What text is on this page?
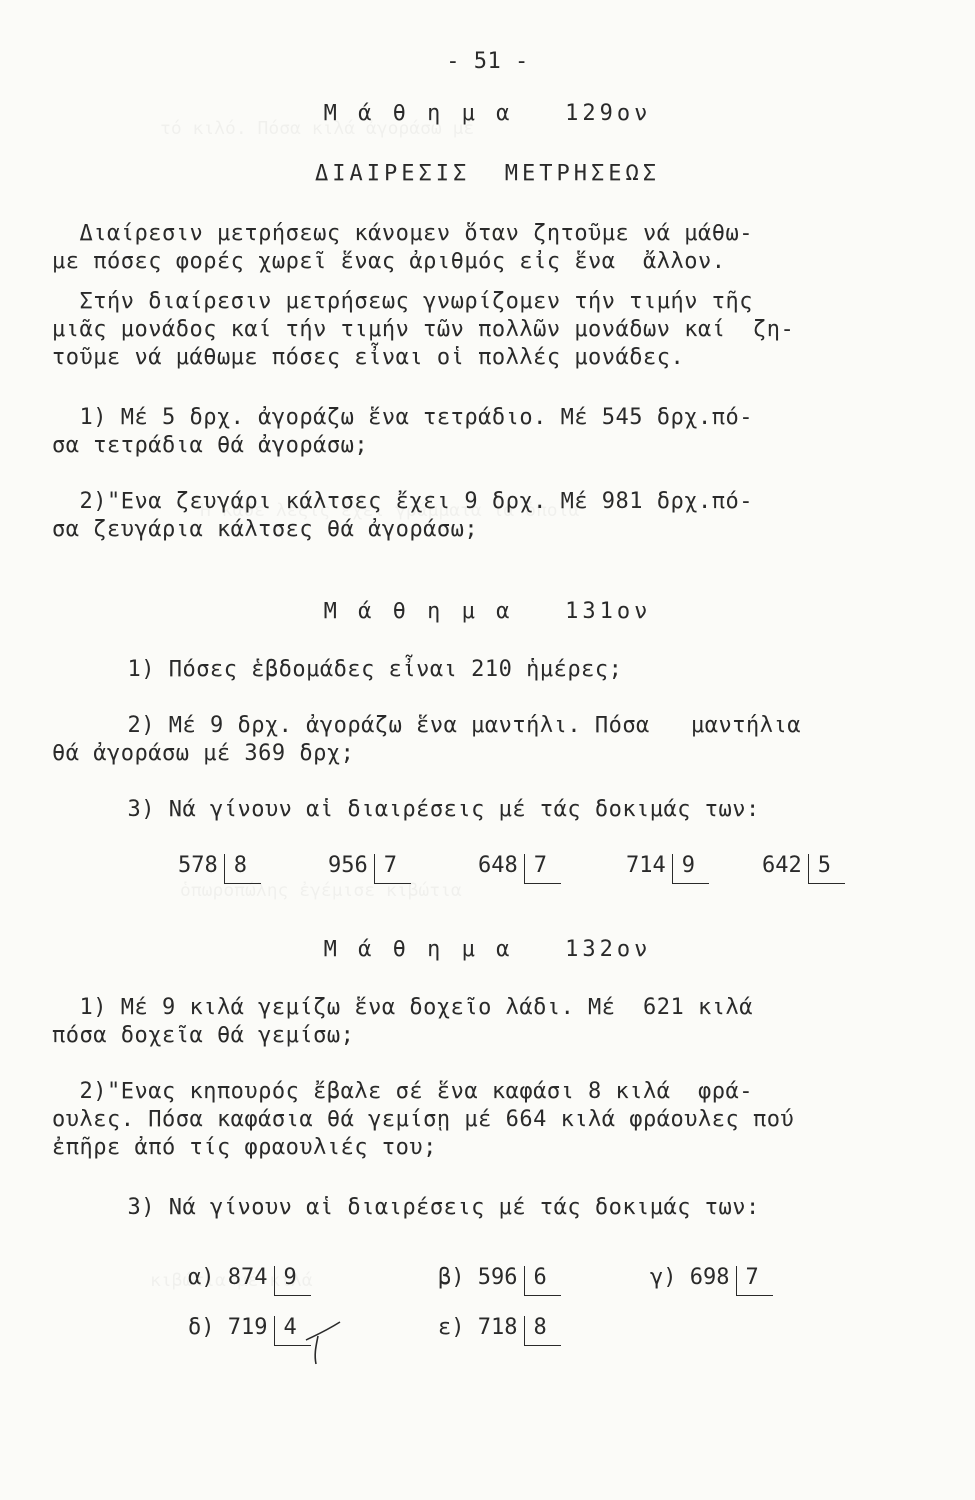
- 51 -
Μ ά θ η μ α   129ον
ΔΙΑΙΡΕΣΙΣ  ΜΕΤΡΗΣΕΩΣ
Διαίρεσιν μετρήσεως κάνομεν ὅταν ζητοῦμε νά μάθω-
με πόσες φορές χωρεῖ ἕνας ἀριθμός εἰς ἕνα  ἄλλον.
Στήν διαίρεσιν μετρήσεως γνωρίζομεν τήν τιμήν τῆς
μιᾶς μονάδος καί τήν τιμήν τῶν πολλῶν μονάδων καί  ζη-
τοῦμε νά μάθωμε πόσες εἶναι οἱ πολλές μονάδες.
1) Μέ 5 δρχ. ἀγοράζω ἕνα τετράδιο. Μέ 545 δρχ.πό-
σα τετράδια θά ἀγοράσω;
2)"Ενα ζευγάρι κάλτσες ἔχει 9 δρχ. Μέ 981 δρχ.πό-
σα ζευγάρια κάλτσες θά ἀγοράσω;
Μ ά θ η μ α   131ον
1) Πόσες ἑβδομάδες εἶναι 210 ἡμέρες;
2) Μέ 9 δρχ. ἀγοράζω ἕνα μαντήλι. Πόσα   μαντήλια
θά ἀγοράσω μέ 369 δρχ;
3) Νά γίνουν αἱ διαιρέσεις μέ τάς δοκιμάς των:
578 8	956 7	648 7	714 9	642 5
Μ ά θ η μ α   132ον
1) Μέ 9 κιλά γεμίζω ἕνα δοχεῖο λάδι. Μέ  621 κιλά
πόσα δοχεῖα θά γεμίσω;
2)"Ενας κηπουρός ἔβαλε σέ ἕνα καφάσι 8 κιλά  φρά-
ουλες. Πόσα καφάσια θά γεμίσῃ μέ 664 κιλά φράουλες πού
ἐπῆρε ἀπό τίς φραουλιές του;
3) Νά γίνουν αἱ διαιρέσεις μέ τάς δοκιμάς των:
α) 874 9	β) 596 6	γ) 698 7
δ) 719 4	ε) 718 8
